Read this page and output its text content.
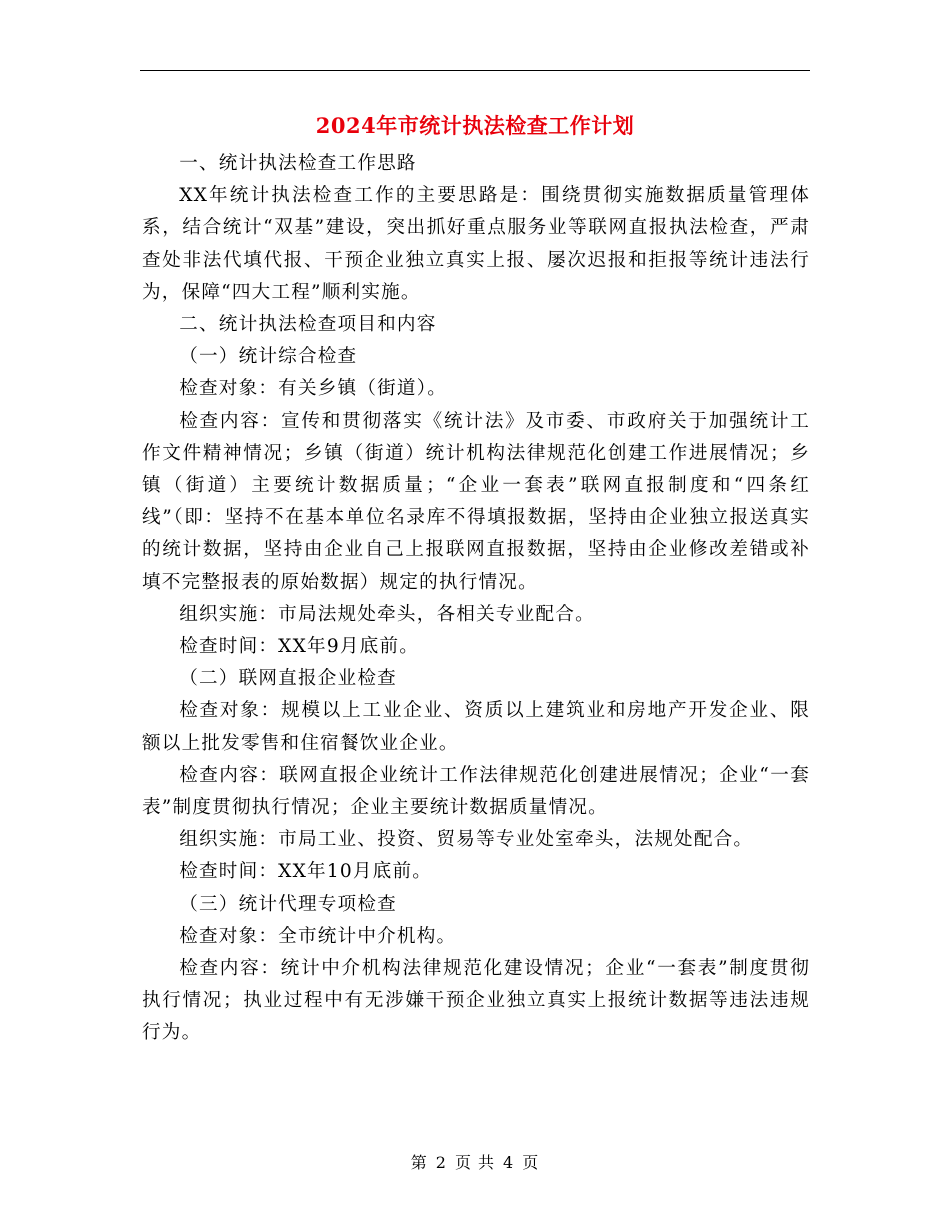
2024年市统计执法检查工作计划

一、统计执法检查工作思路

XX年统计执法检查工作的主要思路是：围绕贯彻实施数据质量管理体系，结合统计“双基”建设，突出抓好重点服务业等联网直报执法检查，严肃查处非法代填代报、干预企业独立真实上报、屡次迟报和拒报等统计违法行为，保障“四大工程”顺利实施。

二、统计执法检查项目和内容

（一）统计综合检查

检查对象：有关乡镇（街道）。

检查内容：宣传和贯彻落实《统计法》及市委、市政府关于加强统计工作文件精神情况；乡镇（街道）统计机构法律规范化创建工作进展情况；乡镇（街道）主要统计数据质量；“企业一套表”联网直报制度和“四条红线”（即：坚持不在基本单位名录库不得填报数据，坚持由企业独立报送真实的统计数据，坚持由企业自己上报联网直报数据，坚持由企业修改差错或补填不完整报表的原始数据）规定的执行情况。

组织实施：市局法规处牵头，各相关专业配合。

检查时间：XX年9月底前。

（二）联网直报企业检查

检查对象：规模以上工业企业、资质以上建筑业和房地产开发企业、限额以上批发零售和住宿餐饮业企业。

检查内容：联网直报企业统计工作法律规范化创建进展情况；企业“一套表”制度贯彻执行情况；企业主要统计数据质量情况。

组织实施：市局工业、投资、贸易等专业处室牵头，法规处配合。

检查时间：XX年10月底前。

（三）统计代理专项检查

检查对象：全市统计中介机构。

检查内容：统计中介机构法律规范化建设情况；企业“一套表”制度贯彻执行情况；执业过程中有无涉嫌干预企业独立真实上报统计数据等违法违规行为。

第 2 页 共 4 页
